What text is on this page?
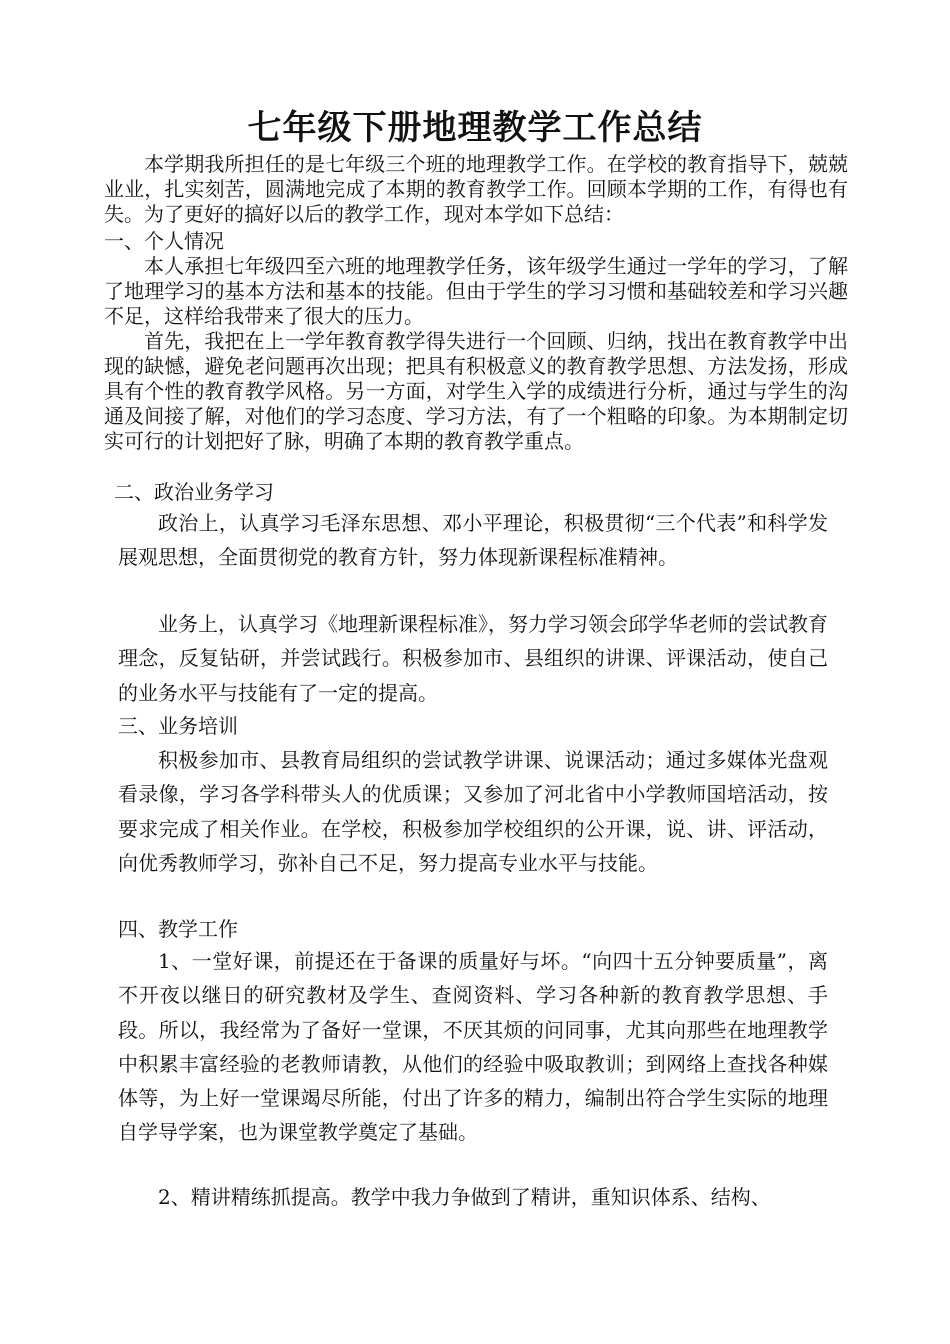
七年级下册地理教学工作总结
本学期我所担任的是七年级三个班的地理教学工作。在学校的教育指导下，兢兢业业，扎实刻苦，圆满地完成了本期的教育教学工作。回顾本学期的工作，有得也有失。为了更好的搞好以后的教学工作，现对本学如下总结：
一、个人情况
本人承担七年级四至六班的地理教学任务，该年级学生通过一学年的学习，了解了地理学习的基本方法和基本的技能。但由于学生的学习习惯和基础较差和学习兴趣不足，这样给我带来了很大的压力。
首先，我把在上一学年教育教学得失进行一个回顾、归纳，找出在教育教学中出现的缺憾，避免老问题再次出现；把具有积极意义的教育教学思想、方法发扬，形成具有个性的教育教学风格。另一方面，对学生入学的成绩进行分析，通过与学生的沟通及间接了解，对他们的学习态度、学习方法，有了一个粗略的印象。为本期制定切实可行的计划把好了脉，明确了本期的教育教学重点。
二、政治业务学习
政治上，认真学习毛泽东思想、邓小平理论，积极贯彻“三个代表”和科学发展观思想，全面贯彻党的教育方针，努力体现新课程标准精神。
业务上，认真学习《地理新课程标准》，努力学习领会邱学华老师的尝试教育理念，反复钻研，并尝试践行。积极参加市、县组织的讲课、评课活动，使自己的业务水平与技能有了一定的提高。
三、业务培训
积极参加市、县教育局组织的尝试教学讲课、说课活动；通过多媒体光盘观看录像，学习各学科带头人的优质课；又参加了河北省中小学教师国培活动，按要求完成了相关作业。在学校，积极参加学校组织的公开课，说、讲、评活动，向优秀教师学习，弥补自己不足，努力提高专业水平与技能。
四、教学工作
1、一堂好课，前提还在于备课的质量好与坏。“向四十五分钟要质量”，离不开夜以继日的研究教材及学生、查阅资料、学习各种新的教育教学思想、手段。所以，我经常为了备好一堂课，不厌其烦的问同事，尤其向那些在地理教学中积累丰富经验的老教师请教，从他们的经验中吸取教训；到网络上查找各种媒体等，为上好一堂课竭尽所能，付出了许多的精力，编制出符合学生实际的地理自学导学案，也为课堂教学奠定了基础。
2、精讲精练抓提高。教学中我力争做到了精讲，重知识体系、结构、
